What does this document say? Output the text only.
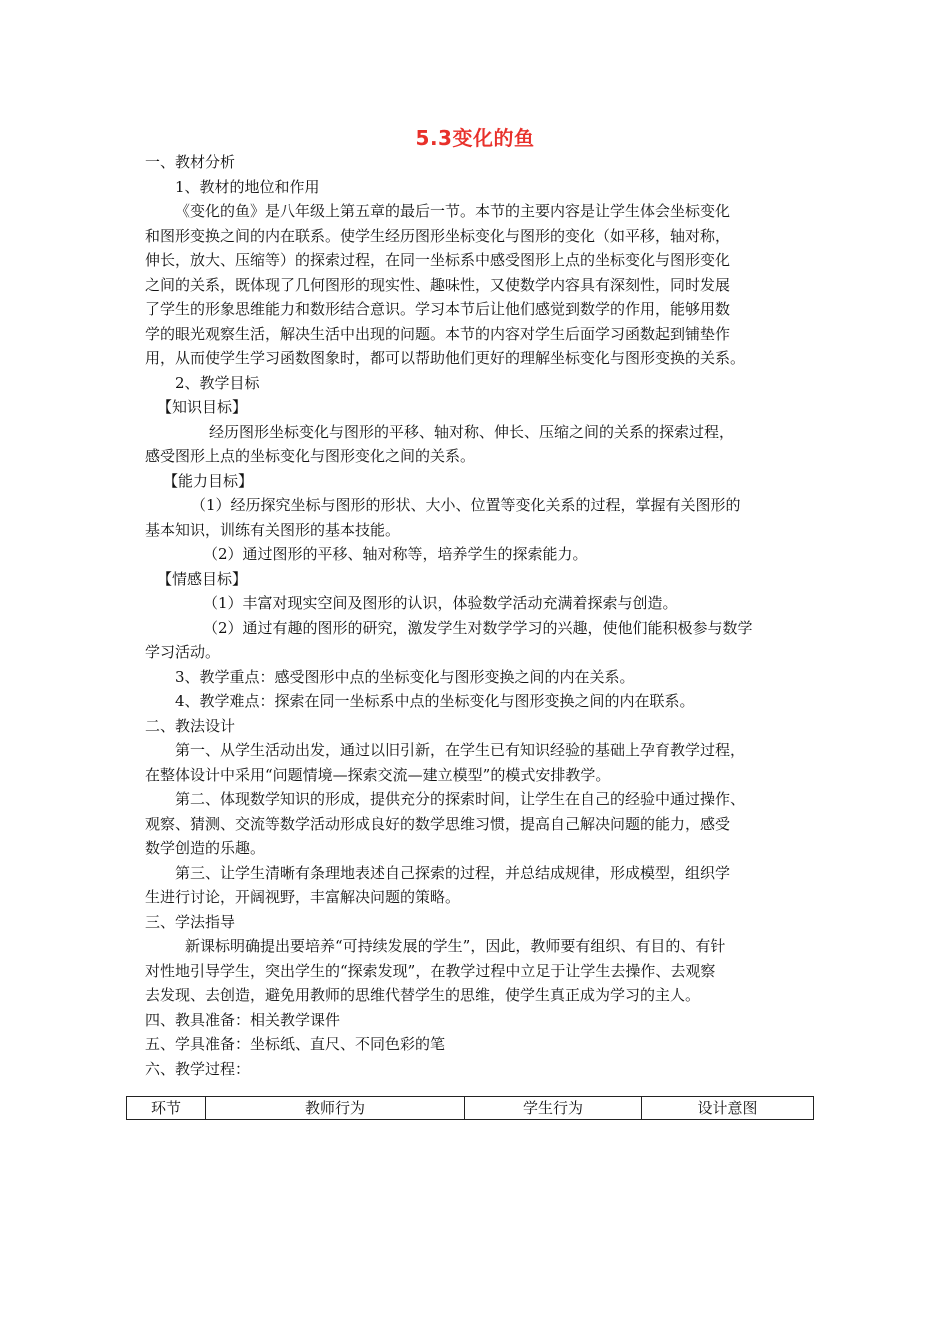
5.3变化的鱼
一、教材分析
1、教材的地位和作用
《变化的鱼》是八年级上第五章的最后一节。本节的主要内容是让学生体会坐标变化
和图形变换之间的内在联系。使学生经历图形坐标变化与图形的变化（如平移，轴对称，
伸长，放大、压缩等）的探索过程，在同一坐标系中感受图形上点的坐标变化与图形变化
之间的关系，既体现了几何图形的现实性、趣味性，又使数学内容具有深刻性，同时发展
了学生的形象思维能力和数形结合意识。学习本节后让他们感觉到数学的作用，能够用数
学的眼光观察生活，解决生活中出现的问题。本节的内容对学生后面学习函数起到铺垫作
用，从而使学生学习函数图象时，都可以帮助他们更好的理解坐标变化与图形变换的关系。
2、教学目标
【知识目标】
经历图形坐标变化与图形的平移、轴对称、伸长、压缩之间的关系的探索过程，
感受图形上点的坐标变化与图形变化之间的关系。
【能力目标】
（1）经历探究坐标与图形的形状、大小、位置等变化关系的过程，掌握有关图形的
基本知识，训练有关图形的基本技能。
（2）通过图形的平移、轴对称等，培养学生的探索能力。
【情感目标】
（1）丰富对现实空间及图形的认识，体验数学活动充满着探索与创造。
（2）通过有趣的图形的研究，激发学生对数学学习的兴趣，使他们能积极参与数学
学习活动。
3、教学重点：感受图形中点的坐标变化与图形变换之间的内在关系。
4、教学难点：探索在同一坐标系中点的坐标变化与图形变换之间的内在联系。
二、教法设计
第一、从学生活动出发，通过以旧引新，在学生已有知识经验的基础上孕育教学过程，
在整体设计中采用“问题情境—探索交流—建立模型”的模式安排教学。
第二、体现数学知识的形成，提供充分的探索时间，让学生在自己的经验中通过操作、
观察、猜测、交流等数学活动形成良好的数学思维习惯，提高自己解决问题的能力，感受
数学创造的乐趣。
第三、让学生清晰有条理地表述自己探索的过程，并总结成规律，形成模型，组织学
生进行讨论，开阔视野，丰富解决问题的策略。
三、学法指导
新课标明确提出要培养“可持续发展的学生”，因此，教师要有组织、有目的、有针
对性地引导学生，突出学生的“探索发现”，在教学过程中立足于让学生去操作、去观察
去发现、去创造，避免用教师的思维代替学生的思维，使学生真正成为学习的主人。
四、教具准备：相关教学课件
五、学具准备：坐标纸、直尺、不同色彩的笔
六、教学过程：
环节	教师行为	学生行为	设计意图
